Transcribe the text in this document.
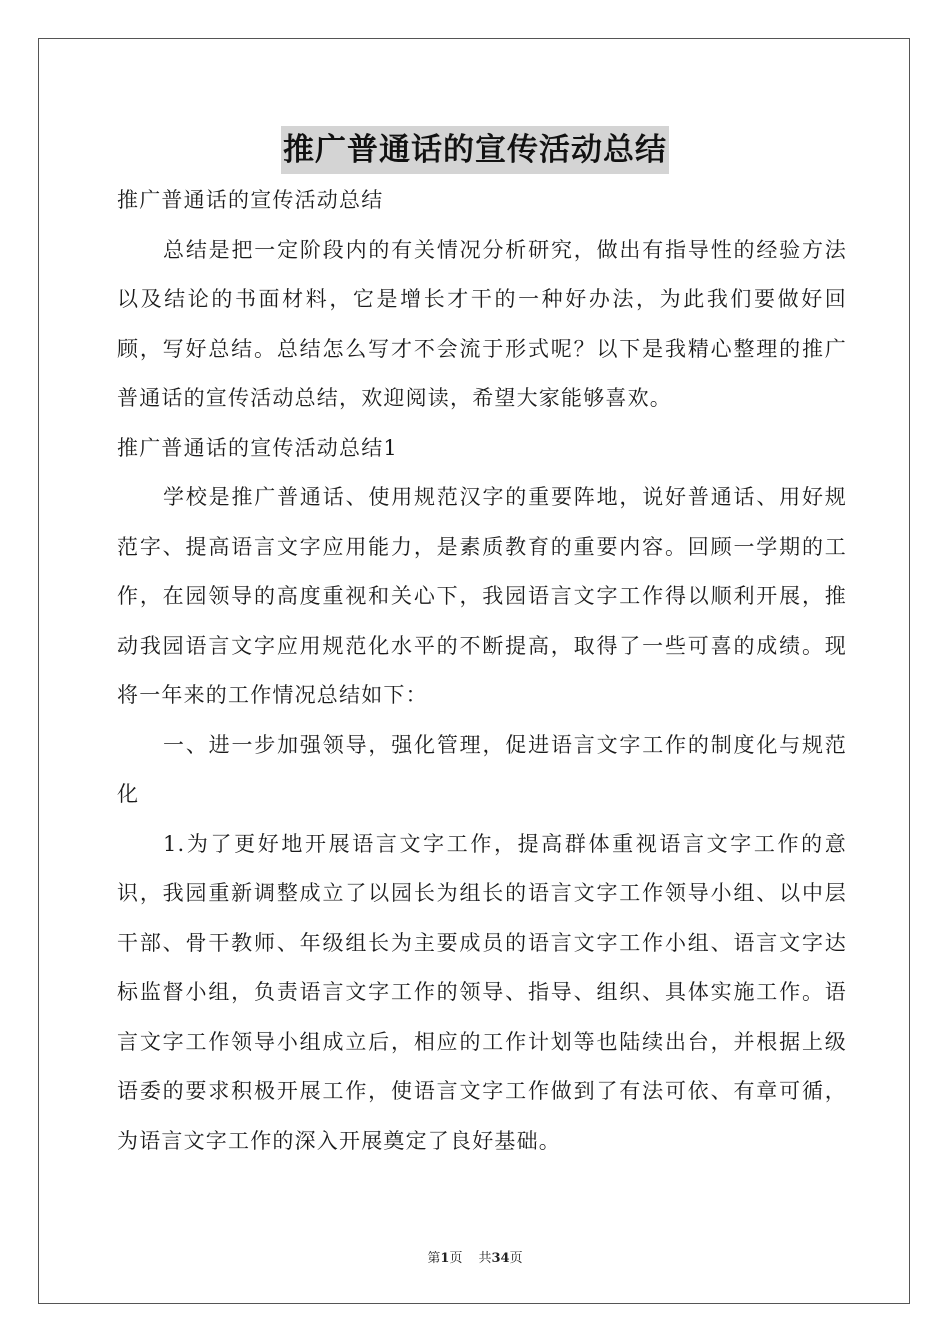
推广普通话的宣传活动总结

推广普通话的宣传活动总结

总结是把一定阶段内的有关情况分析研究，做出有指导性的经验方法以及结论的书面材料，它是增长才干的一种好办法，为此我们要做好回顾，写好总结。总结怎么写才不会流于形式呢？以下是我精心整理的推广普通话的宣传活动总结，欢迎阅读，希望大家能够喜欢。

推广普通话的宣传活动总结1

学校是推广普通话、使用规范汉字的重要阵地，说好普通话、用好规范字、提高语言文字应用能力，是素质教育的重要内容。回顾一学期的工作，在园领导的高度重视和关心下，我园语言文字工作得以顺利开展，推动我园语言文字应用规范化水平的不断提高，取得了一些可喜的成绩。现将一年来的工作情况总结如下：

一、进一步加强领导，强化管理，促进语言文字工作的制度化与规范化

1.为了更好地开展语言文字工作，提高群体重视语言文字工作的意识，我园重新调整成立了以园长为组长的语言文字工作领导小组、以中层干部、骨干教师、年级组长为主要成员的语言文字工作小组、语言文字达标监督小组，负责语言文字工作的领导、指导、组织、具体实施工作。语言文字工作领导小组成立后，相应的工作计划等也陆续出台，并根据上级语委的要求积极开展工作，使语言文字工作做到了有法可依、有章可循，为语言文字工作的深入开展奠定了良好基础。

第1页 共34页
